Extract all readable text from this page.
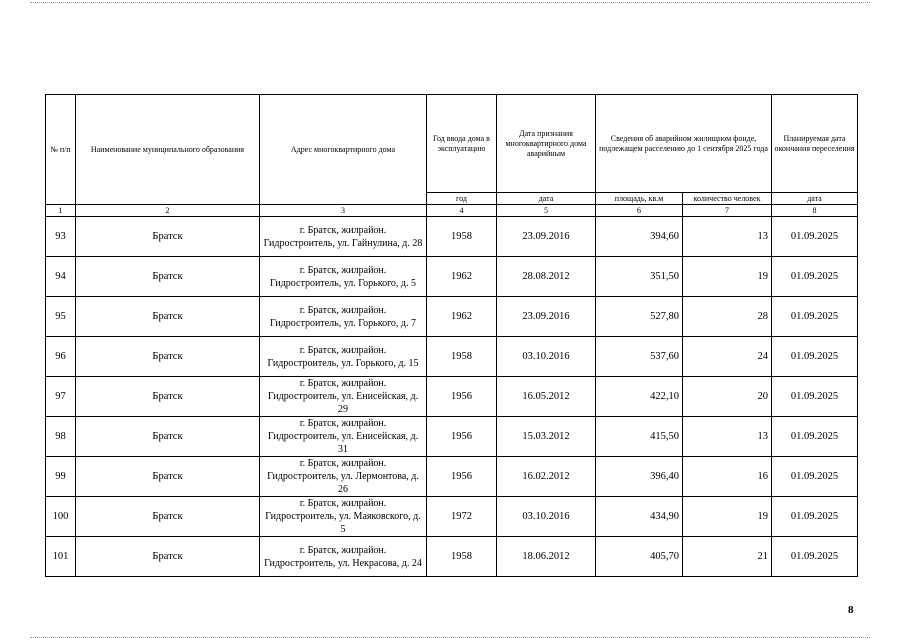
№ п/п	Наименование муниципального образования	Адрес многоквартирного дома	Год ввода дома в эксплуатацию	Дата признания многоквартирного дома аварийным	Сведения об аварийном жилищном фонде, подлежащем расселению до 1 сентября 2025 года		Планируемая дата окончания переселения
			год	дата	площадь, кв.м	количество человек	дата
1	2	3	4	5	6	7	8
93	Братск	г. Братск, жилрайон. Гидростроитель, ул. Гайнулина, д. 28	1958	23.09.2016	394,60	13	01.09.2025
94	Братск	г. Братск, жилрайон. Гидростроитель, ул. Горького, д. 5	1962	28.08.2012	351,50	19	01.09.2025
95	Братск	г. Братск, жилрайон. Гидростроитель, ул. Горького, д. 7	1962	23.09.2016	527,80	28	01.09.2025
96	Братск	г. Братск, жилрайон. Гидростроитель, ул. Горького, д. 15	1958	03.10.2016	537,60	24	01.09.2025
97	Братск	г. Братск, жилрайон. Гидростроитель, ул. Енисейская, д. 29	1956	16.05.2012	422,10	20	01.09.2025
98	Братск	г. Братск, жилрайон. Гидростроитель, ул. Енисейская, д. 31	1956	15.03.2012	415,50	13	01.09.2025
99	Братск	г. Братск, жилрайон. Гидростроитель, ул. Лермонтова, д. 26	1956	16.02.2012	396,40	16	01.09.2025
100	Братск	г. Братск, жилрайон. Гидростроитель, ул. Маяковского, д. 5	1972	03.10.2016	434,90	19	01.09.2025
101	Братск	г. Братск, жилрайон. Гидростроитель, ул. Некрасова, д. 24	1958	18.06.2012	405,70	21	01.09.2025
8
